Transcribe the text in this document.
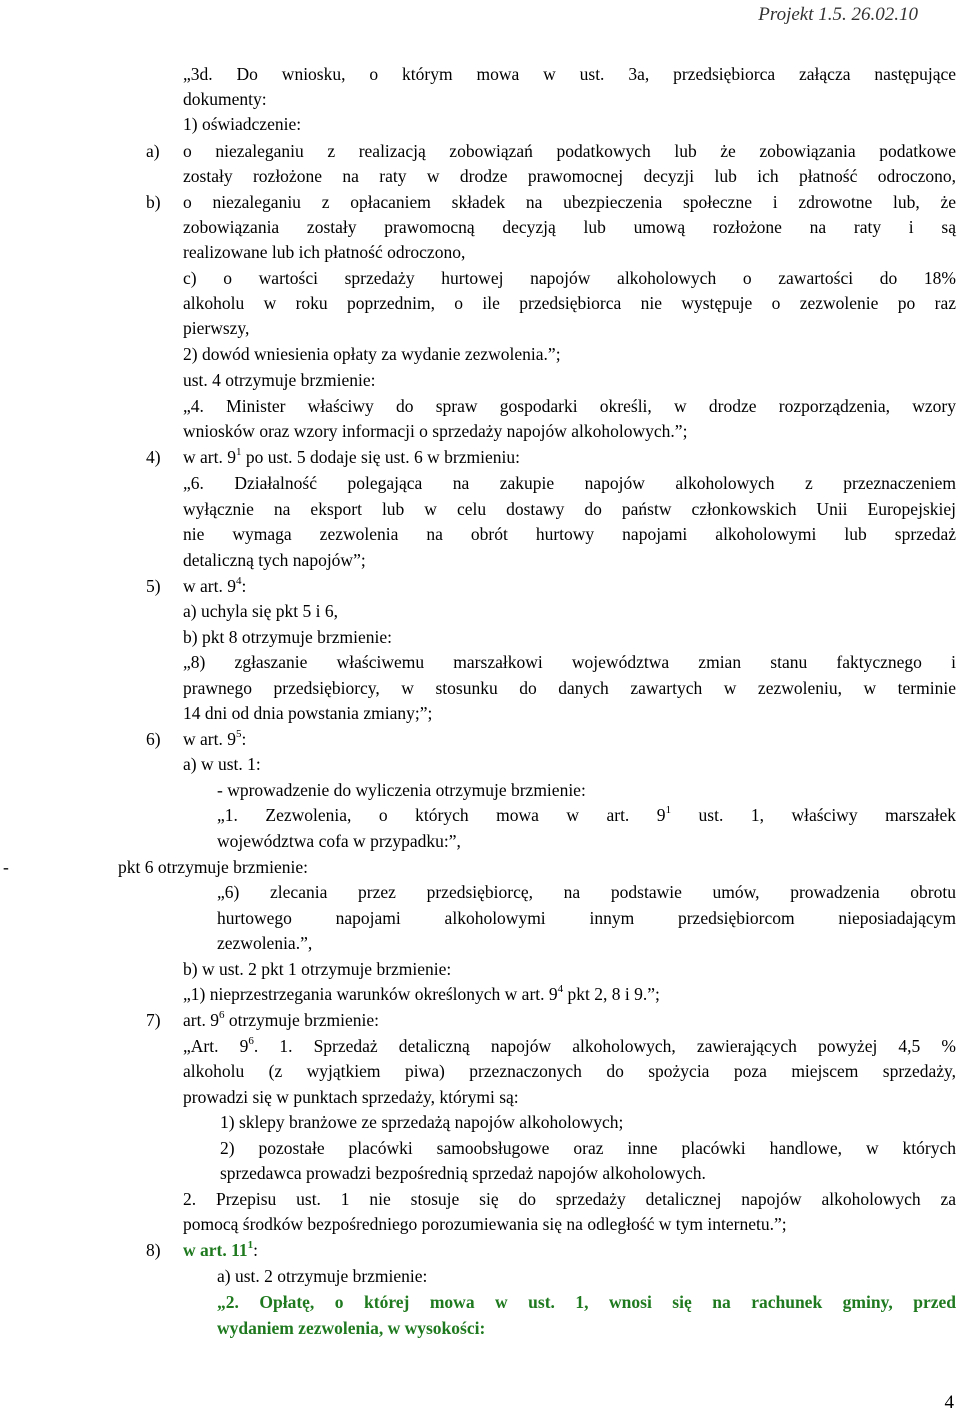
Projekt 1.5. 26.02.10
„3d. Do wniosku, o którym mowa w ust. 3a, przedsiębiorca załącza następujące
dokumenty:
1) oświadczenie:
a) o niezaleganiu z realizacją zobowiązań podatkowych lub że zobowiązania podatkowe
zostały rozłożone na raty w drodze prawomocnej decyzji lub ich płatność odroczono,
b) o niezaleganiu z opłacaniem składek na ubezpieczenia społeczne i zdrowotne lub, że
zobowiązania zostały prawomocną decyzją lub umową rozłożone na raty i są
realizowane lub ich płatność odroczono,
c) o wartości sprzedaży hurtowej napojów alkoholowych o zawartości do 18%
alkoholu w roku poprzednim, o ile przedsiębiorca nie występuje o zezwolenie po raz
pierwszy,
2) dowód wniesienia opłaty za wydanie zezwolenia.”;
ust. 4 otrzymuje brzmienie:
„4. Minister właściwy do spraw gospodarki określi, w drodze rozporządzenia, wzory
wniosków oraz wzory informacji o sprzedaży napojów alkoholowych.”;
4) w art. $9^1$ po ust. 5 dodaje się ust. 6 w brzmieniu:
„6. Działalność polegająca na zakupie napojów alkoholowych z przeznaczeniem
wyłącznie na eksport lub w celu dostawy do państw członkowskich Unii Europejskiej
nie wymaga zezwolenia na obrót hurtowy napojami alkoholowymi lub sprzedaż
detaliczną tych napojów”;
5) w art. $9^4$:
a) uchyla się pkt 5 i 6,
b) pkt 8 otrzymuje brzmienie:
„8) zgłaszanie właściwemu marszałkowi województwa zmian stanu faktycznego i
prawnego przedsiębiorcy, w stosunku do danych zawartych w zezwoleniu, w terminie
14 dni od dnia powstania zmiany;”;
6) w art. $9^5$:
a) w ust. 1:
- wprowadzenie do wyliczenia otrzymuje brzmienie:
„1. Zezwolenia, o których mowa w art. $9^1$ ust. 1, właściwy marszałek
województwa cofa w przypadku:”,
-	pkt 6 otrzymuje brzmienie:
„6) zlecania przez przedsiębiorcę, na podstawie umów, prowadzenia obrotu
hurtowego napojami alkoholowymi innym przedsiębiorcom nieposiadającym
zezwolenia.”,
b) w ust. 2 pkt 1 otrzymuje brzmienie:
„1) nieprzestrzegania warunków określonych w art. $9^4$ pkt 2, 8 i 9.”;
7) art. $9^6$ otrzymuje brzmienie:
„Art. $9^6$. 1. Sprzedaż detaliczną napojów alkoholowych, zawierających powyżej 4,5 %
alkoholu (z wyjątkiem piwa) przeznaczonych do spożycia poza miejscem sprzedaży,
prowadzi się w punktach sprzedaży, którymi są:
1) sklepy branżowe ze sprzedażą napojów alkoholowych;
2) pozostałe placówki samoobsługowe oraz inne placówki handlowe, w których
sprzedawca prowadzi bezpośrednią sprzedaż napojów alkoholowych.
2. Przepisu ust. 1 nie stosuje się do sprzedaży detalicznej napojów alkoholowych za
pomocą środków bezpośredniego porozumiewania się na odległość w tym internetu.”;
8) w art. $11^1$:
a) ust. 2 otrzymuje brzmienie:
„2. Opłatę, o której mowa w ust. 1, wnosi się na rachunek gminy, przed
wydaniem zezwolenia, w wysokości:
4
